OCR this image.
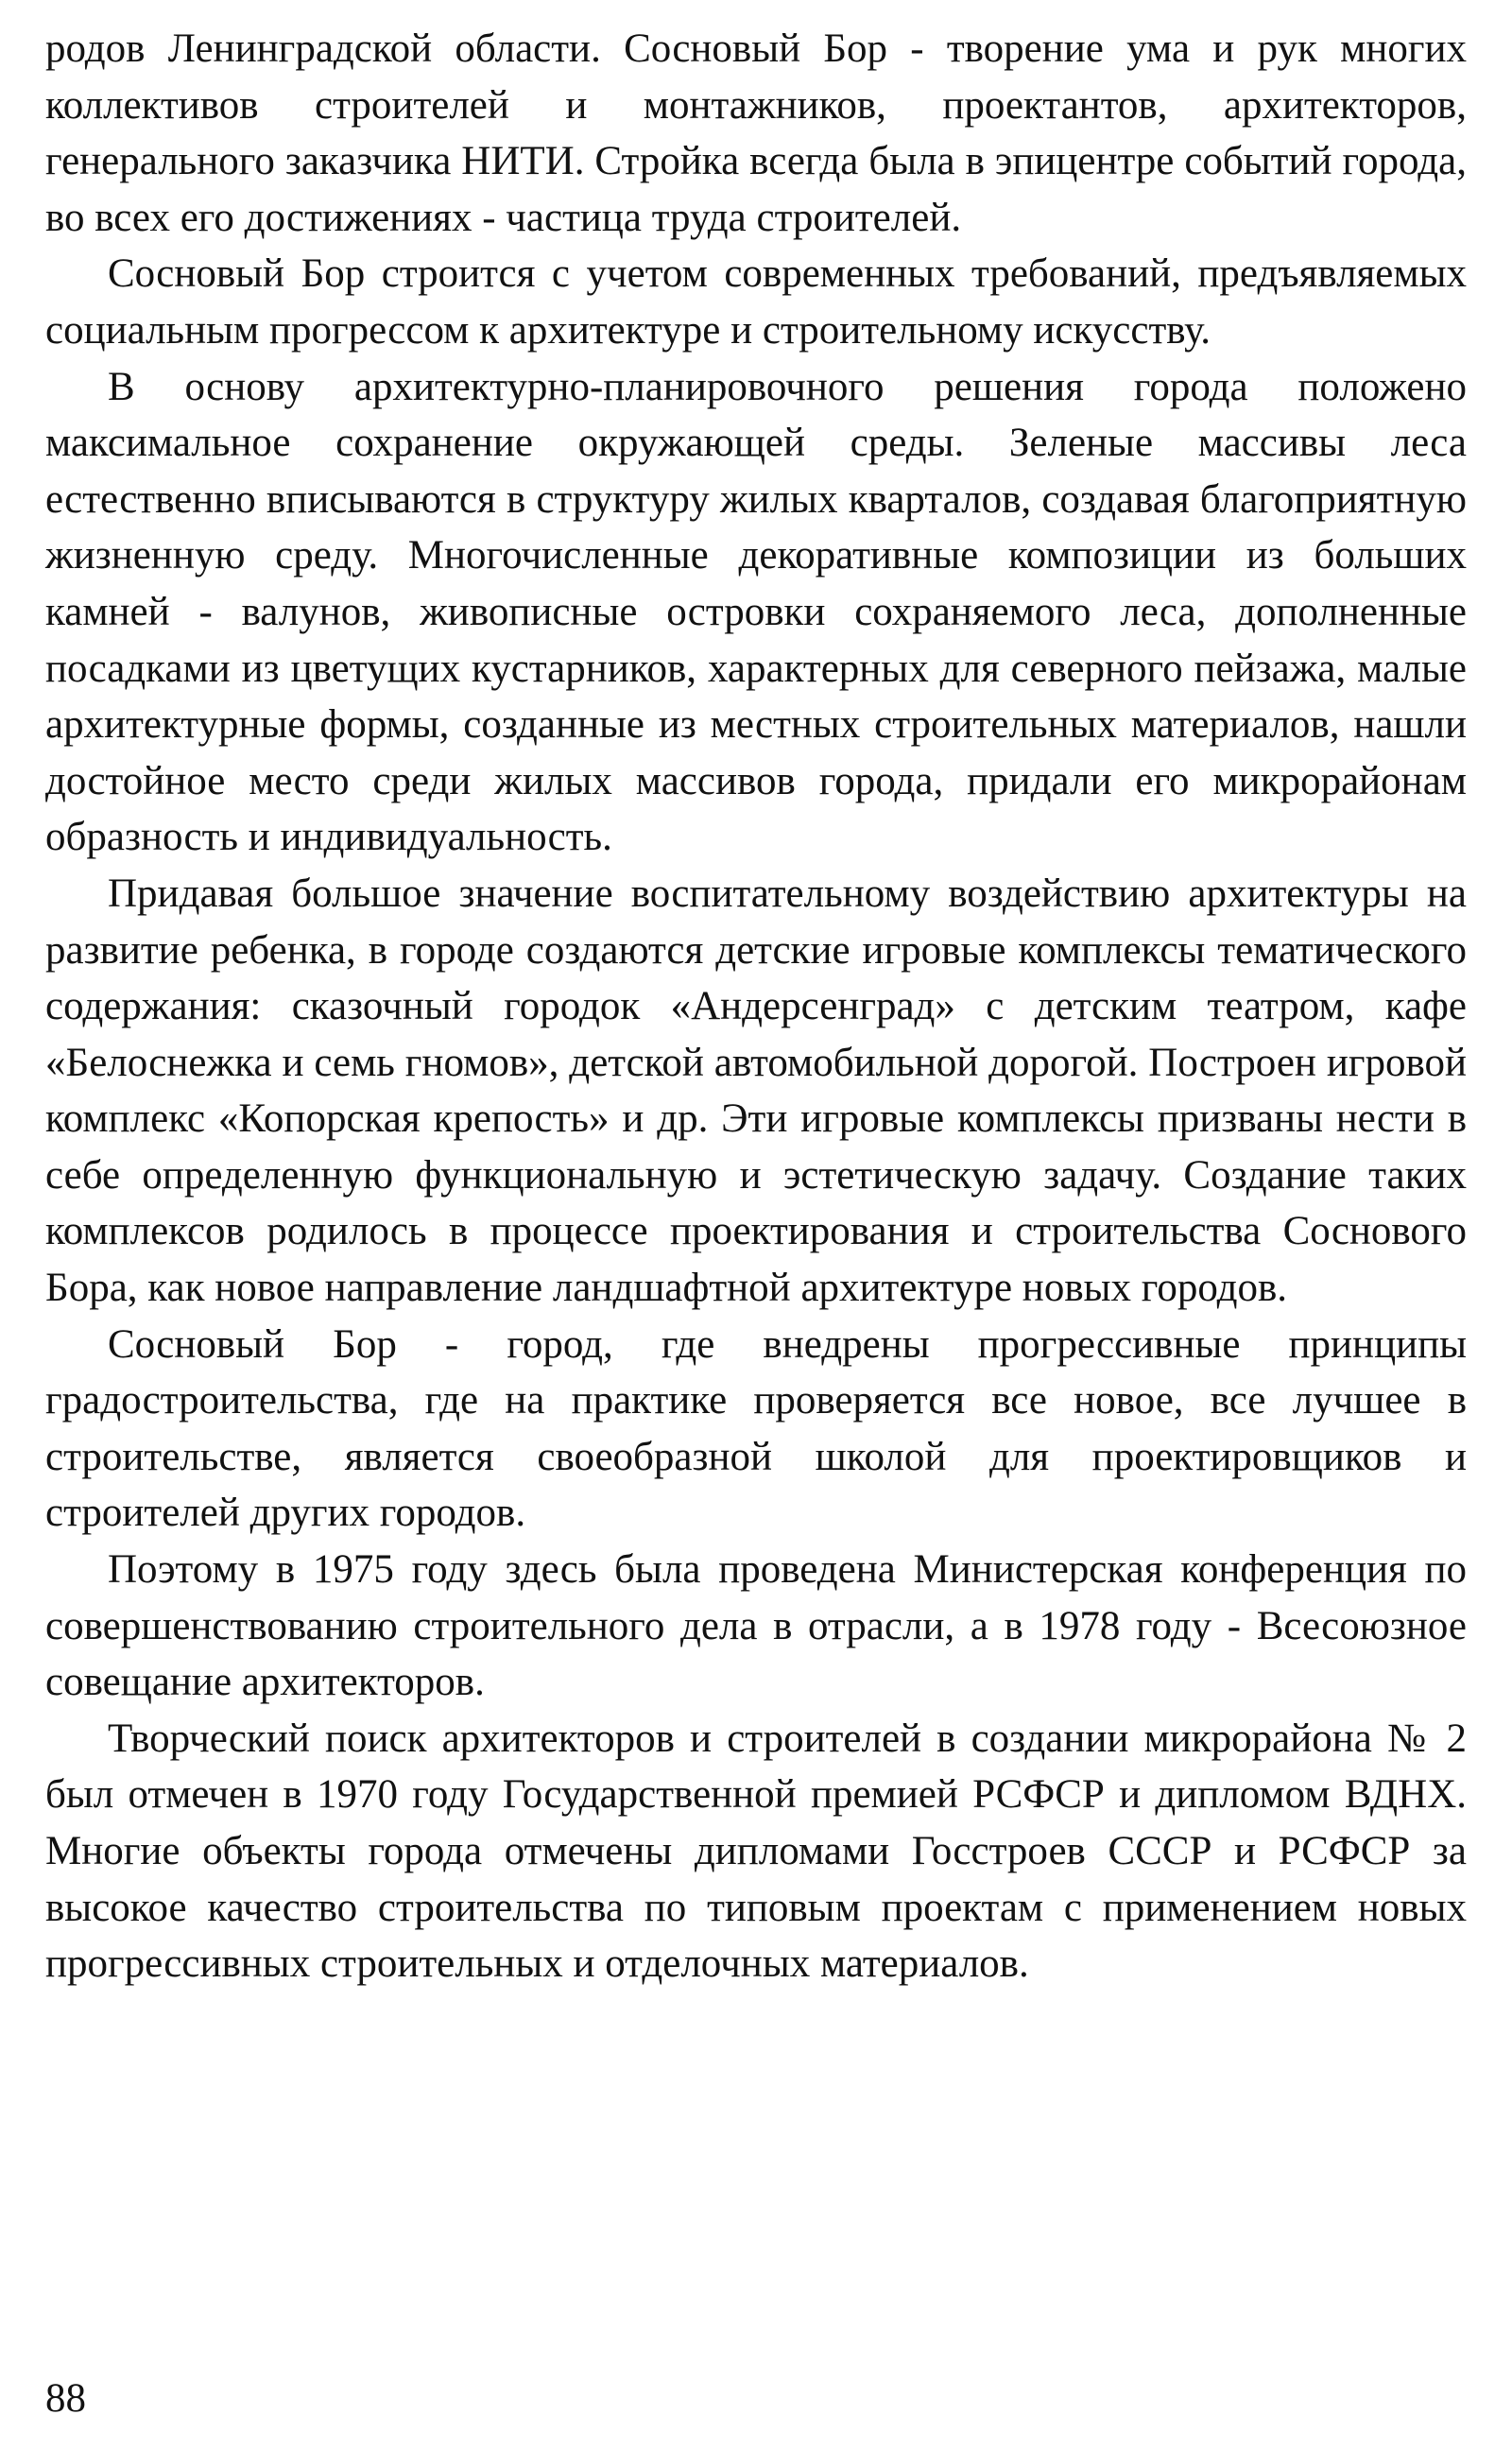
родов Ленинградской области. Сосновый Бор - творение ума и рук многих коллективов строителей и монтажников, проектантов, архитекторов, генерального заказчика НИТИ. Стройка всегда была в эпицентре событий города, во всех его достижениях - частица труда строителей.

Сосновый Бор строится с учетом современных требований, предъявляемых социальным прогрессом к архитектуре и строительному искусству.

В основу архитектурно-планировочного решения города положено максимальное сохранение окружающей среды. Зеленые массивы леса естественно вписываются в структуру жилых кварталов, создавая благоприятную жизненную среду. Многочисленные декоративные композиции из больших камней - валунов, живописные островки сохраняемого леса, дополненные посадками из цветущих кустарников, характерных для северного пейзажа, малые архитектурные формы, созданные из местных строительных материалов, нашли достойное место среди жилых массивов города, придали его микрорайонам образность и индивидуальность.

Придавая большое значение воспитательному воздействию архитектуры на развитие ребенка, в городе создаются детские игровые комплексы тематического содержания: сказочный городок «Андерсенград» с детским театром, кафе «Белоснежка и семь гномов», детской автомобильной дорогой. Построен игровой комплекс «Копорская крепость» и др. Эти игровые комплексы призваны нести в себе определенную функциональную и эстетическую задачу. Создание таких комплексов родилось в процессе проектирования и строительства Соснового Бора, как новое направление ландшафтной архитектуре новых городов.

Сосновый Бор - город, где внедрены прогрессивные принципы градостроительства, где на практике проверяется все новое, все лучшее в строительстве, является своеобразной школой для проектировщиков и строителей других городов.

Поэтому в 1975 году здесь была проведена Министерская конференция по совершенствованию строительного дела в отрасли, а в 1978 году - Всесоюзное совещание архитекторов.

Творческий поиск архитекторов и строителей в создании микрорайона № 2 был отмечен в 1970 году Государственной премией РСФСР и дипломом ВДНХ. Многие объекты города отмечены дипломами Госстроев СССР и РСФСР за высокое качество строительства по типовым проектам с применением новых прогрессивных строительных и отделочных материалов.

88
